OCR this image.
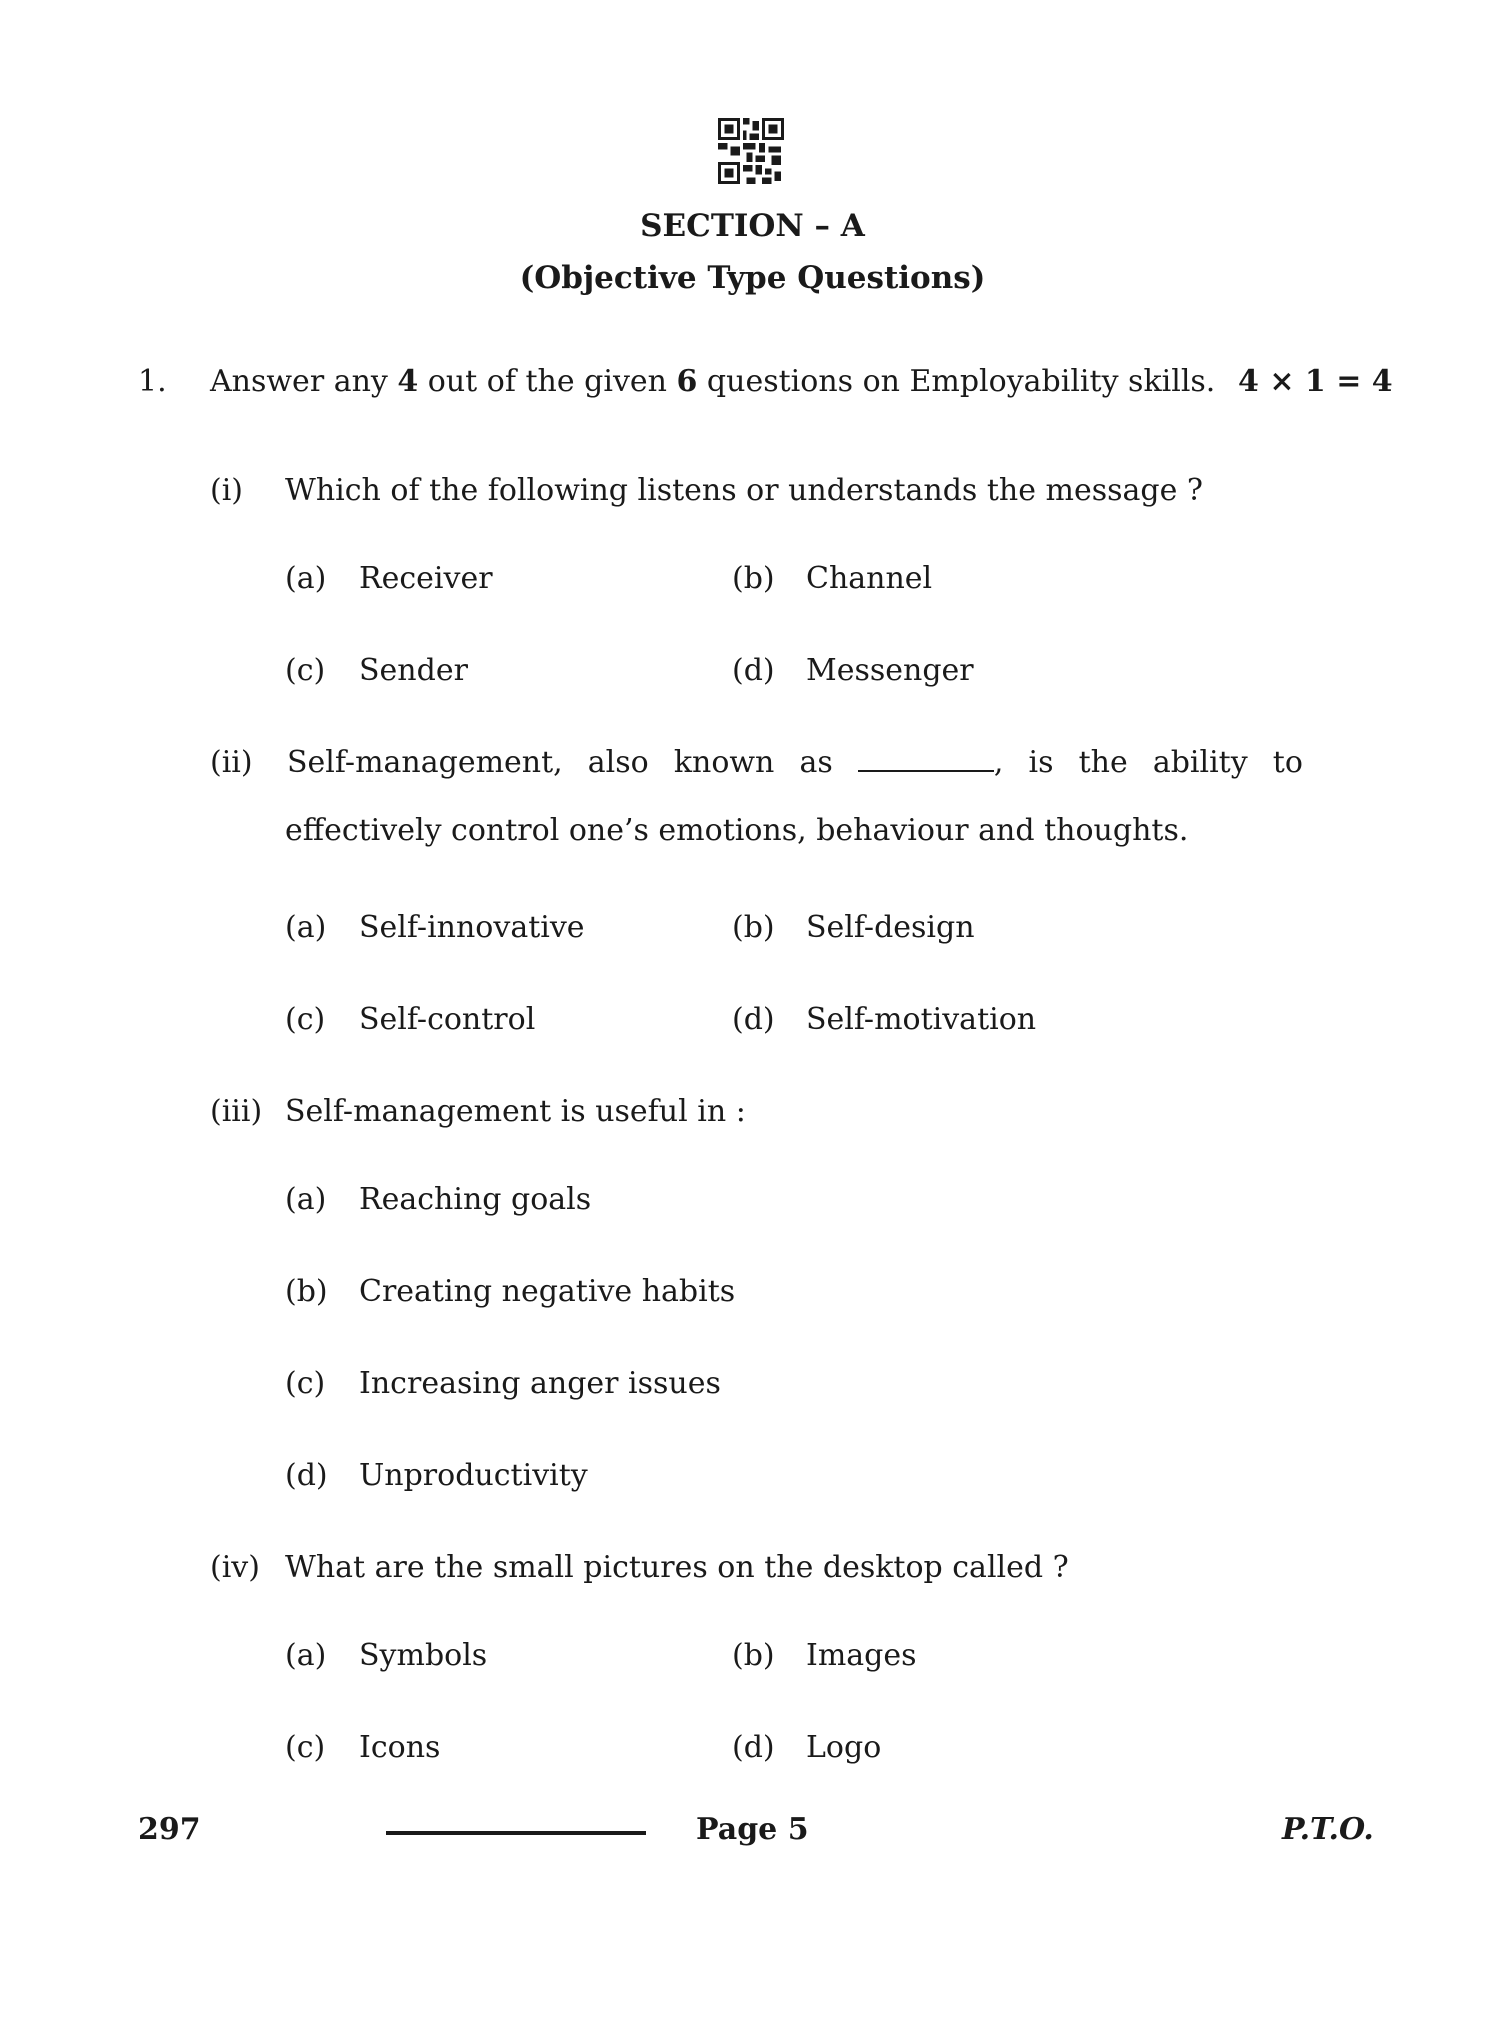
SECTION – A
(Objective Type Questions)
1. Answer any 4 out of the given 6 questions on Employability skills. 4 × 1 = 4
(i) Which of the following listens or understands the message ?
(a) Receiver	(b) Channel
(c) Sender	(d) Messenger
(ii) Self-management, also known as	, is the ability to
effectively control one’s emotions, behaviour and thoughts.
(a) Self-innovative	(b) Self-design
(c) Self-control	(d) Self-motivation
(iii) Self-management is useful in :
(a) Reaching goals
(b) Creating negative habits
(c) Increasing anger issues
(d) Unproductivity
(iv) What are the small pictures on the desktop called ?
(a) Symbols	(b) Images
(c) Icons	(d) Logo
297	Page 5	P.T.O.
